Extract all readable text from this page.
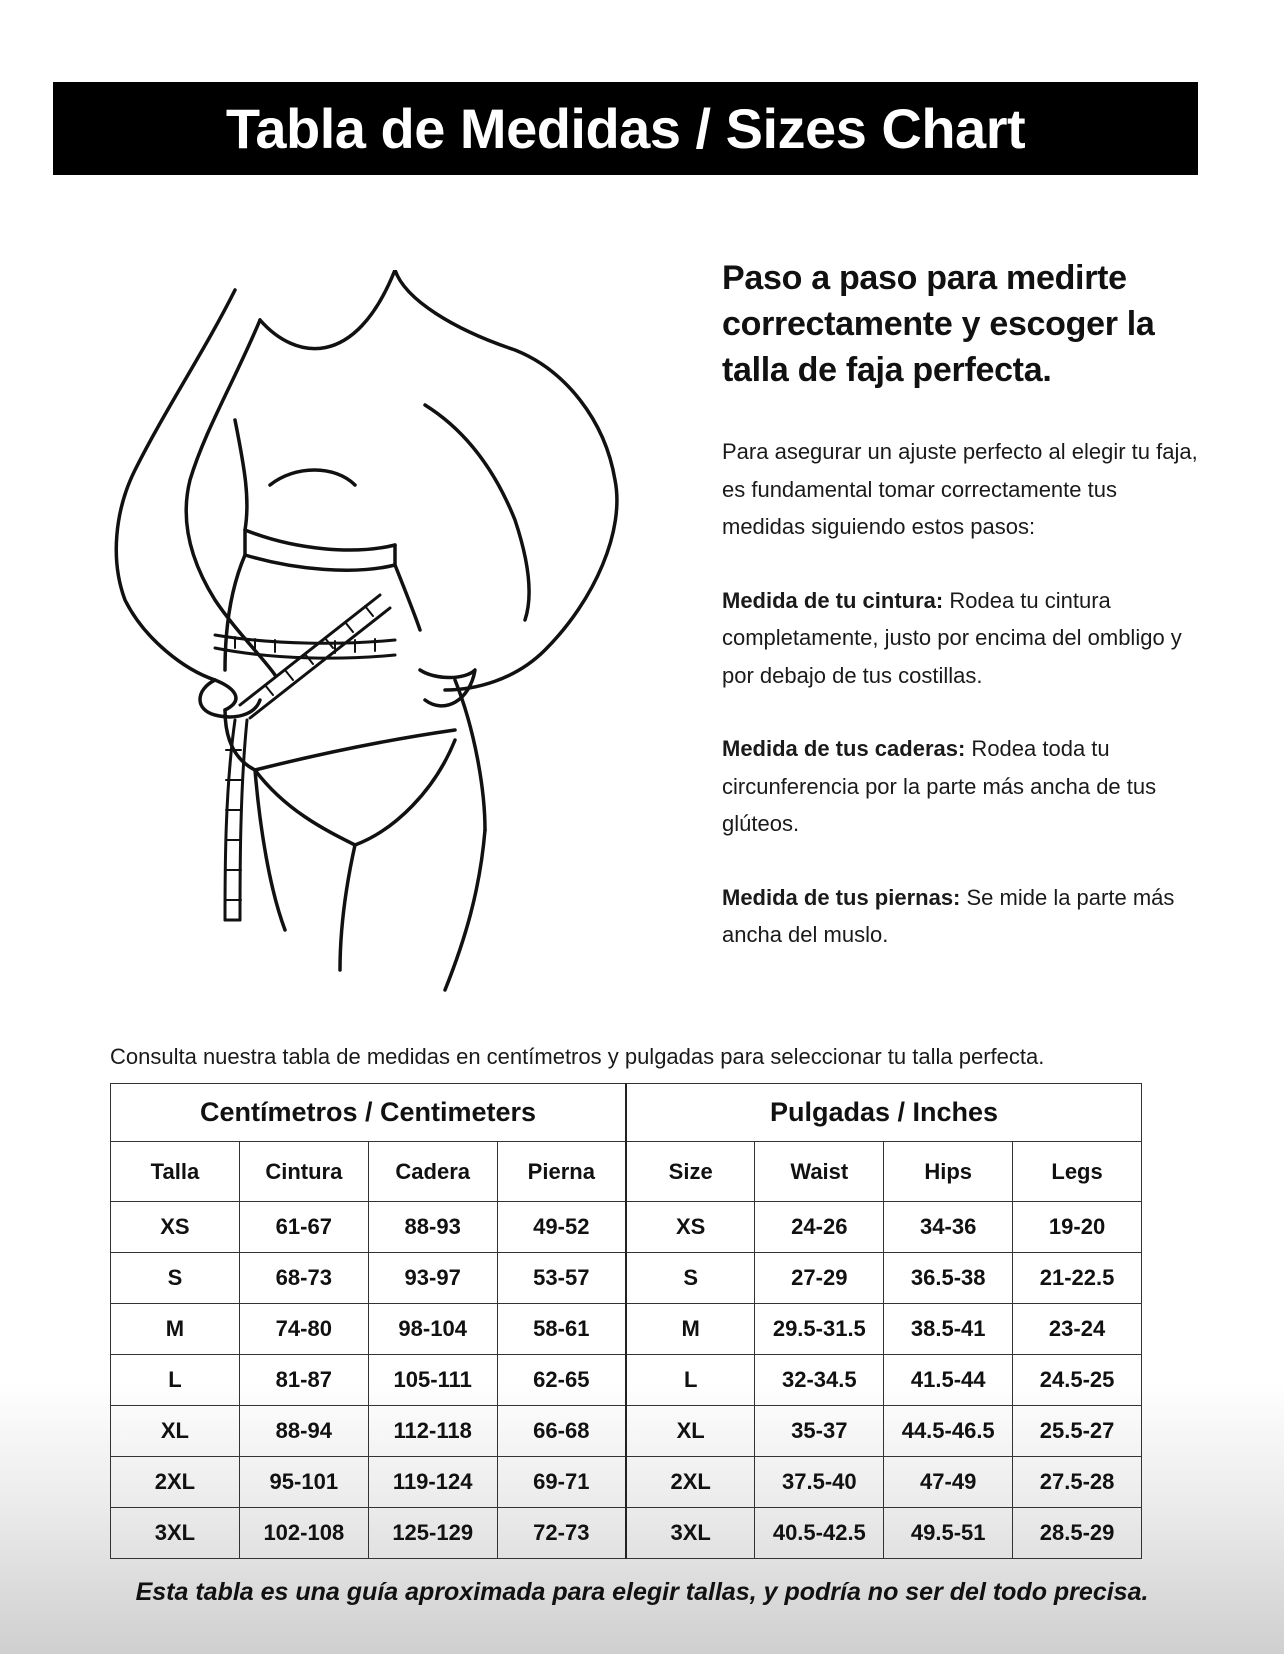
Tabla de Medidas / Sizes Chart

Paso a paso para medirte correctamente y escoger la talla de faja perfecta.

Para asegurar un ajuste perfecto al elegir tu faja, es fundamental tomar correctamente tus medidas siguiendo estos pasos:

Medida de tu cintura: Rodea tu cintura completamente, justo por encima del ombligo y por debajo de tus costillas.

Medida de tus caderas: Rodea toda tu circunferencia por la parte más ancha de tus glúteos.

Medida de tus piernas: Se mide la parte más ancha del muslo.

Consulta nuestra tabla de medidas en centímetros y pulgadas para seleccionar tu talla perfecta.
Centímetros / Centimeters				Pulgadas / Inches			
Talla	Cintura	Cadera	Pierna	Size	Waist	Hips	Legs
XS	61-67	88-93	49-52	XS	24-26	34-36	19-20
S	68-73	93-97	53-57	S	27-29	36.5-38	21-22.5
M	74-80	98-104	58-61	M	29.5-31.5	38.5-41	23-24
L	81-87	105-111	62-65	L	32-34.5	41.5-44	24.5-25
XL	88-94	112-118	66-68	XL	35-37	44.5-46.5	25.5-27
2XL	95-101	119-124	69-71	2XL	37.5-40	47-49	27.5-28
3XL	102-108	125-129	72-73	3XL	40.5-42.5	49.5-51	28.5-29
Esta tabla es una guía aproximada para elegir tallas, y podría no ser del todo precisa.
